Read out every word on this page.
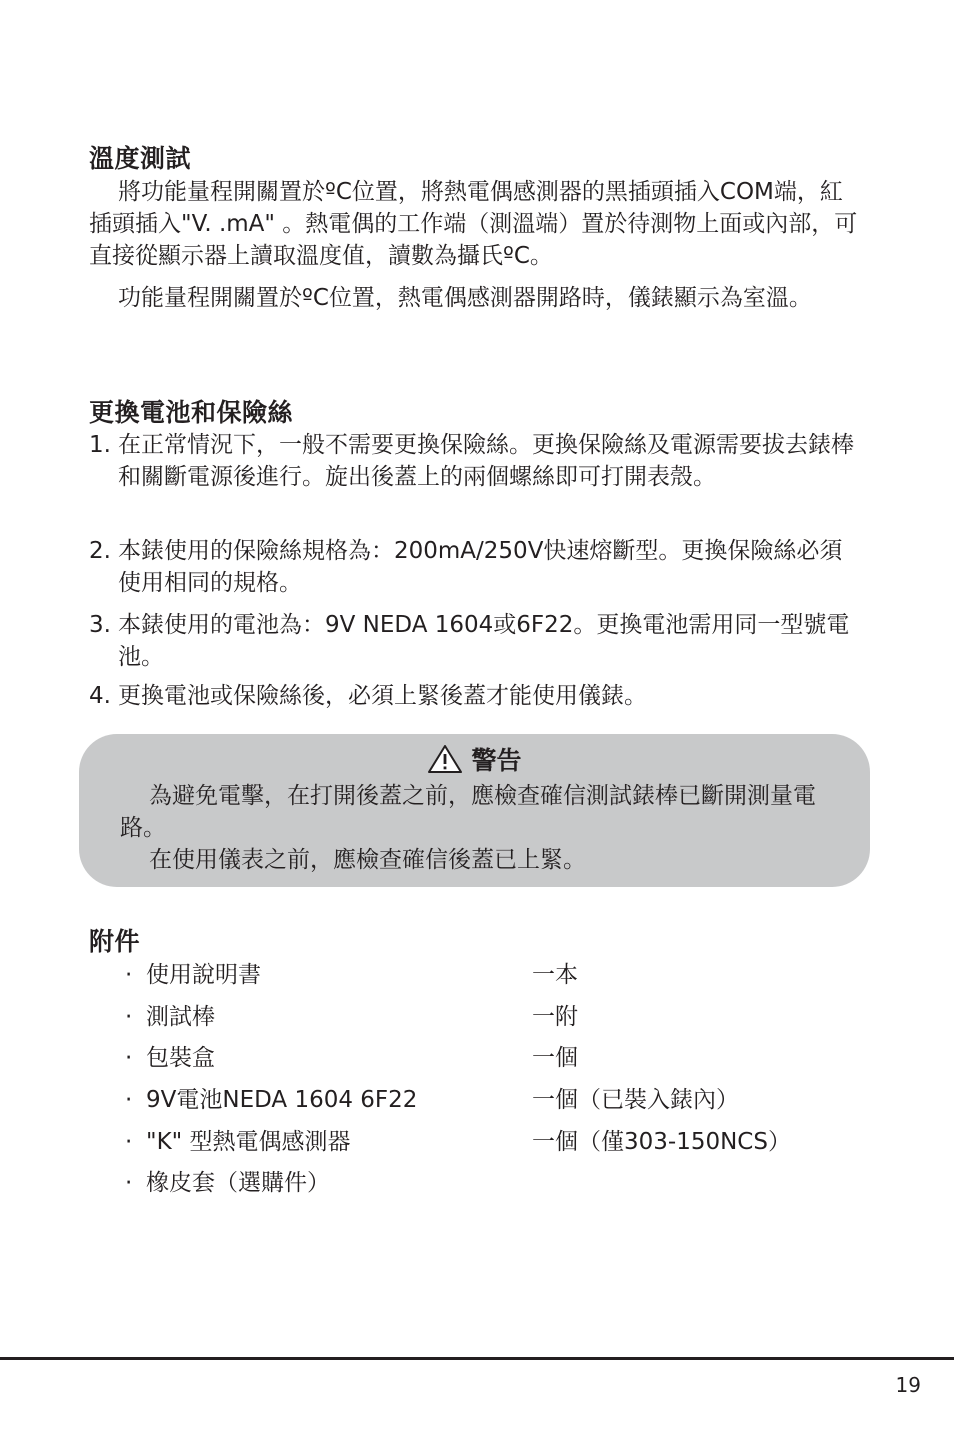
溫度測試

將功能量程開關置於ºC位置，將熱電偶感測器的黑插頭插入COM端，紅插頭插入"V. .mA" 。熱電偶的工作端（測溫端）置於待測物上面或內部，可直接從顯示器上讀取溫度值，讀數為攝氏ºC。

功能量程開關置於ºC位置，熱電偶感測器開路時，儀錶顯示為室溫。

更換電池和保險絲
1. 在正常情況下，一般不需要更換保險絲。更換保險絲及電源需要拔去錶棒和關斷電源後進行。旋出後蓋上的兩個螺絲即可打開表殼。
2. 本錶使用的保險絲規格為：200mA/250V快速熔斷型。更換保險絲必須使用相同的規格。
3. 本錶使用的電池為：9V NEDA 1604或6F22。更換電池需用同一型號電池。
4. 更換電池或保險絲後，必須上緊後蓋才能使用儀錶。
警告

為避免電擊，在打開後蓋之前，應檢查確信測試錶棒已斷開測量電路。

在使用儀表之前，應檢查確信後蓋已上緊。

附件
· 使用說明書	一本
· 測試棒	一附
· 包裝盒	一個
· 9V電池NEDA 1604 6F22	一個（已裝入錶內）
· "K" 型熱電偶感測器	一個（僅303-150NCS）
· 橡皮套（選購件）
19
